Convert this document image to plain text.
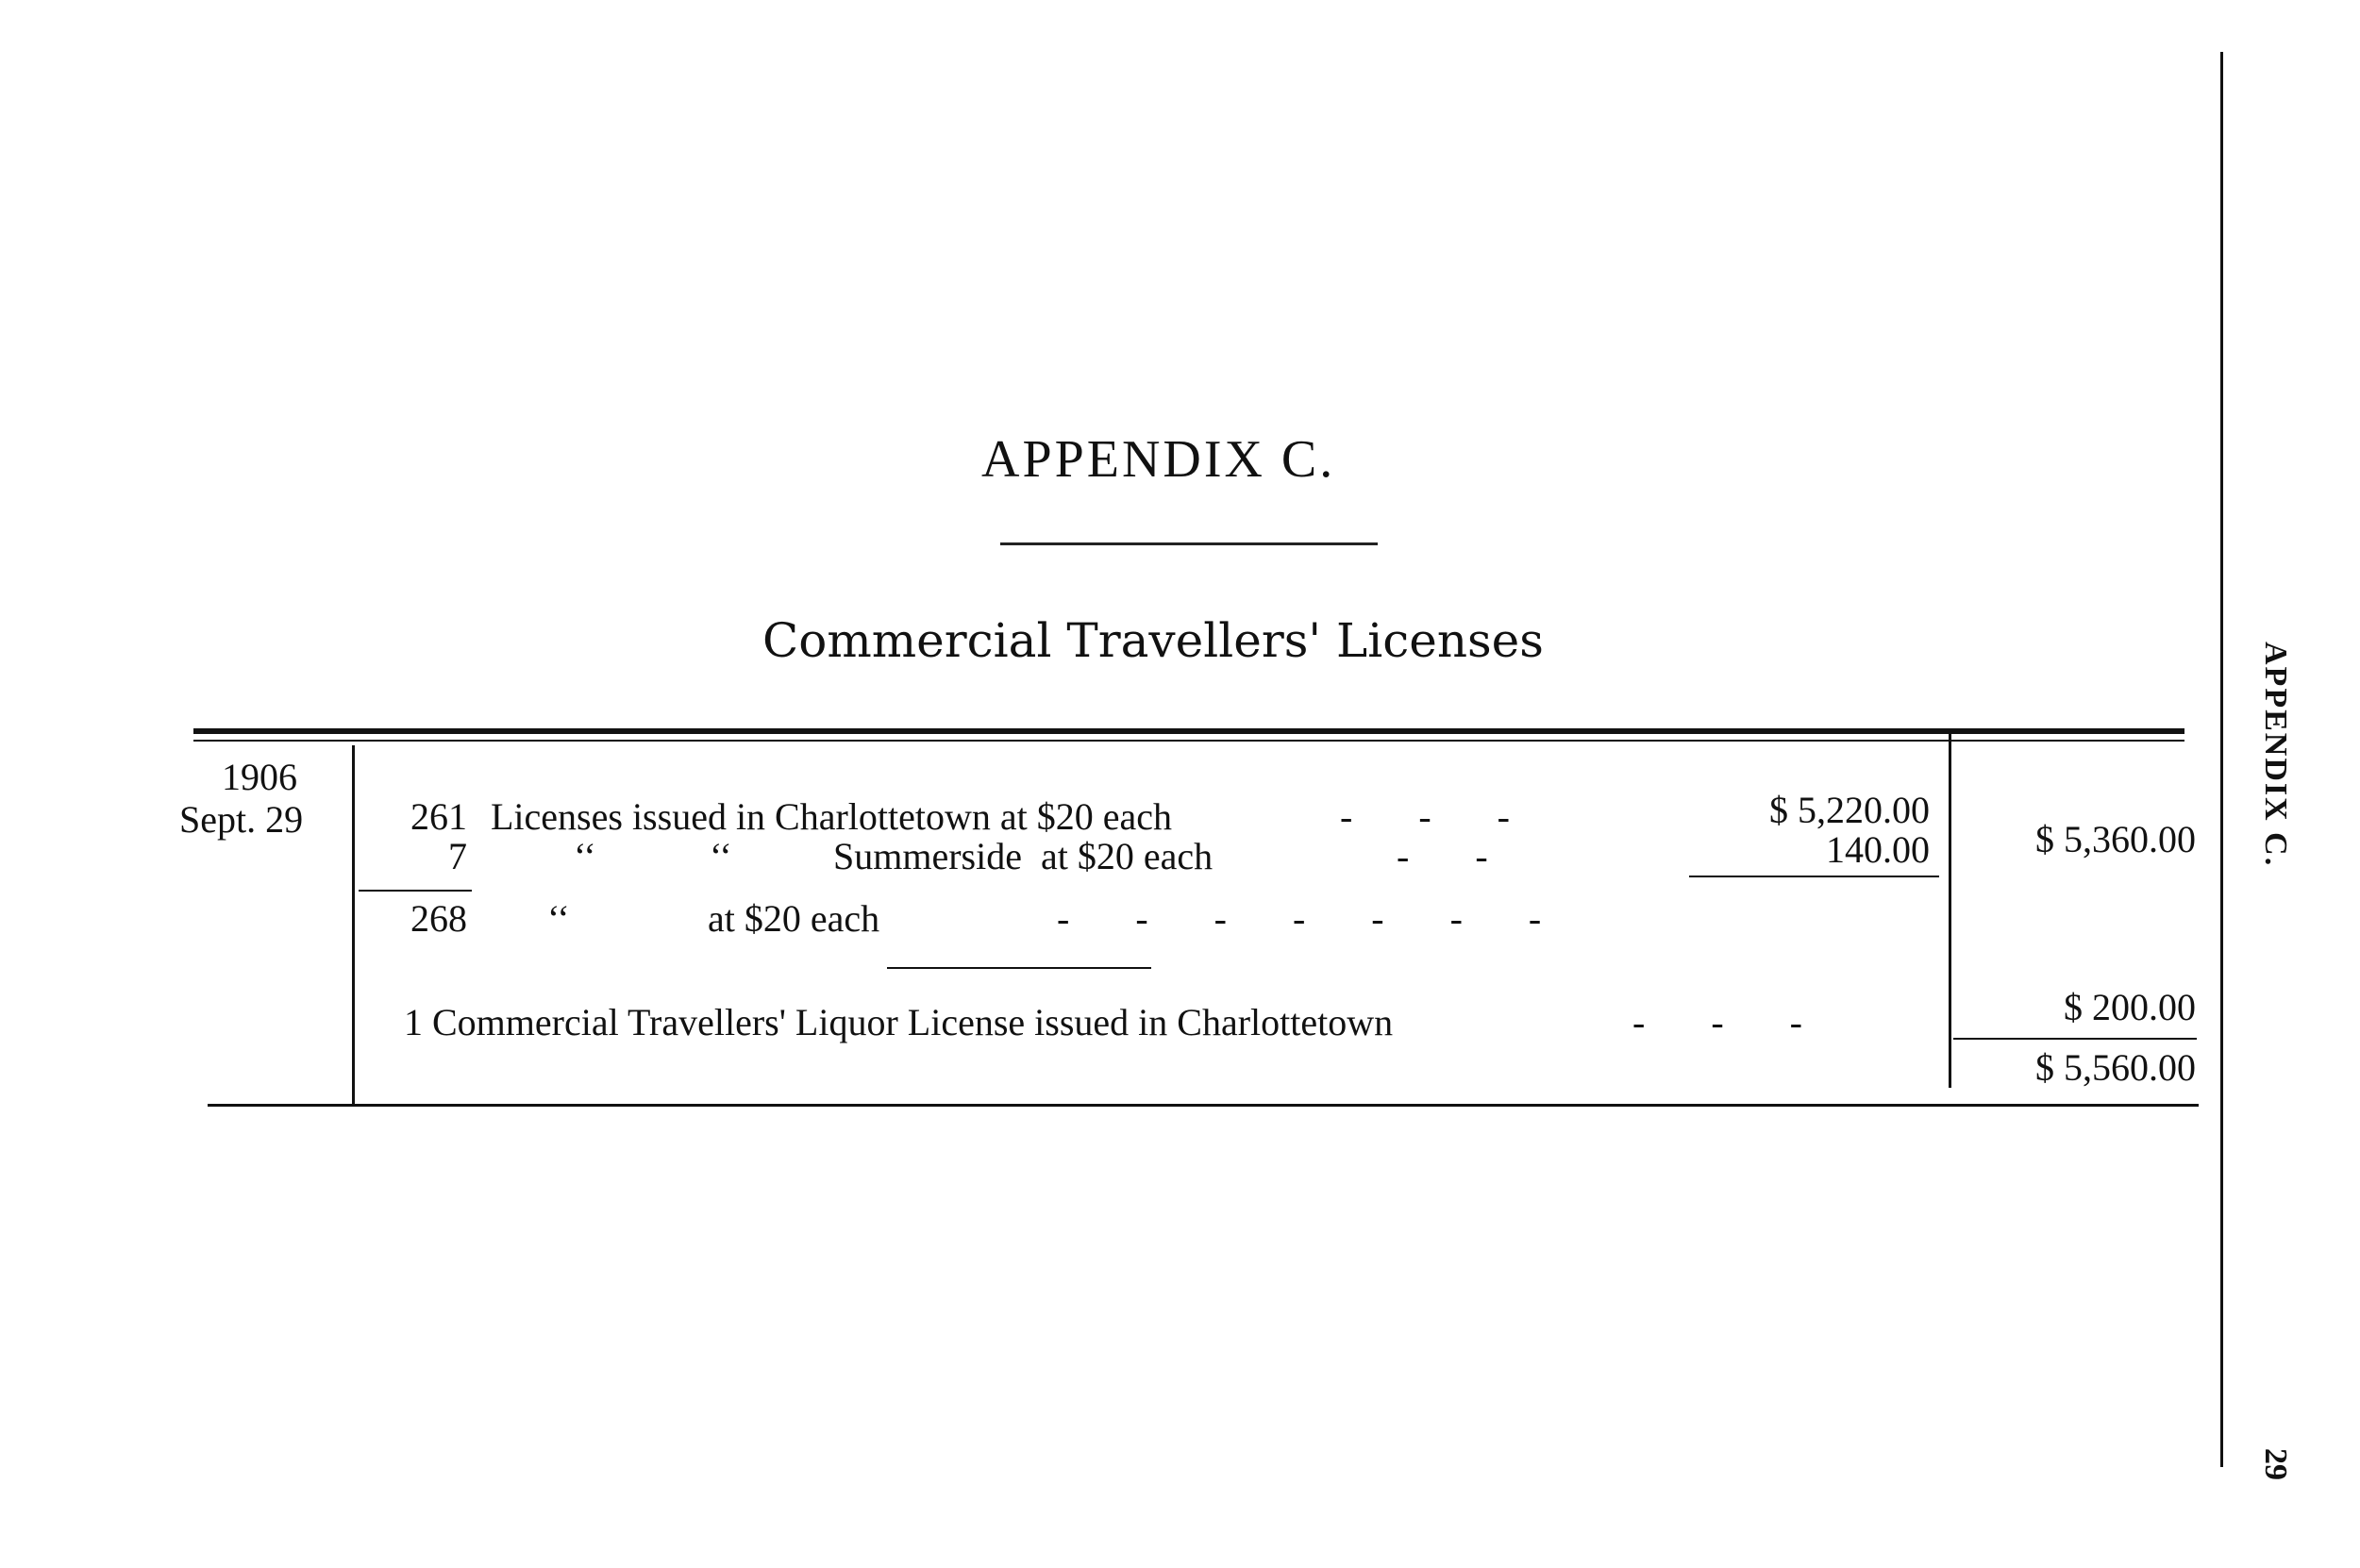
APPENDIX C.
Commercial Travellers' Licenses
1906
Sept. 29	261 Licenses issued in Charlottetown at $20 each	-       -       -	$ 5,220.00
7	‘‘	‘‘	Summerside  at $20 each	-       -	140.00	$ 5,360.00
268 ‘‘	at $20 each	-       -       -       -       -       -       -
1 Commercial Travellers' Liquor License issued in Charlottetown	-       -       -	$ 200.00
$ 5,560.00
APPENDIX C.
29
